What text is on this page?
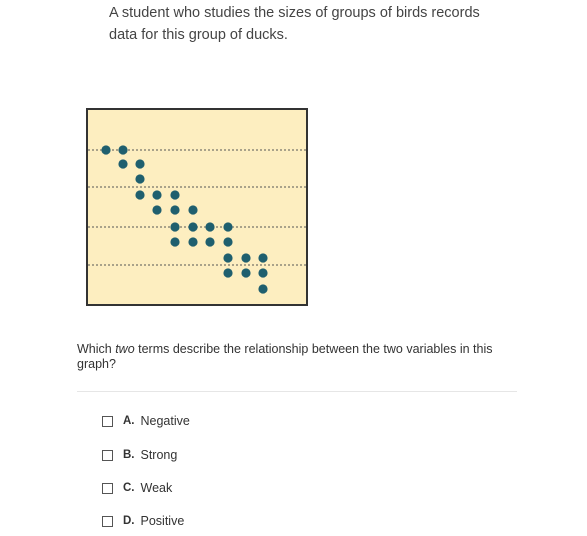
A student who studies the sizes of groups of birds records data for this group of ducks.
Which two terms describe the relationship between the two variables in this graph?
A. Negative
B. Strong
C. Weak
D. Positive
